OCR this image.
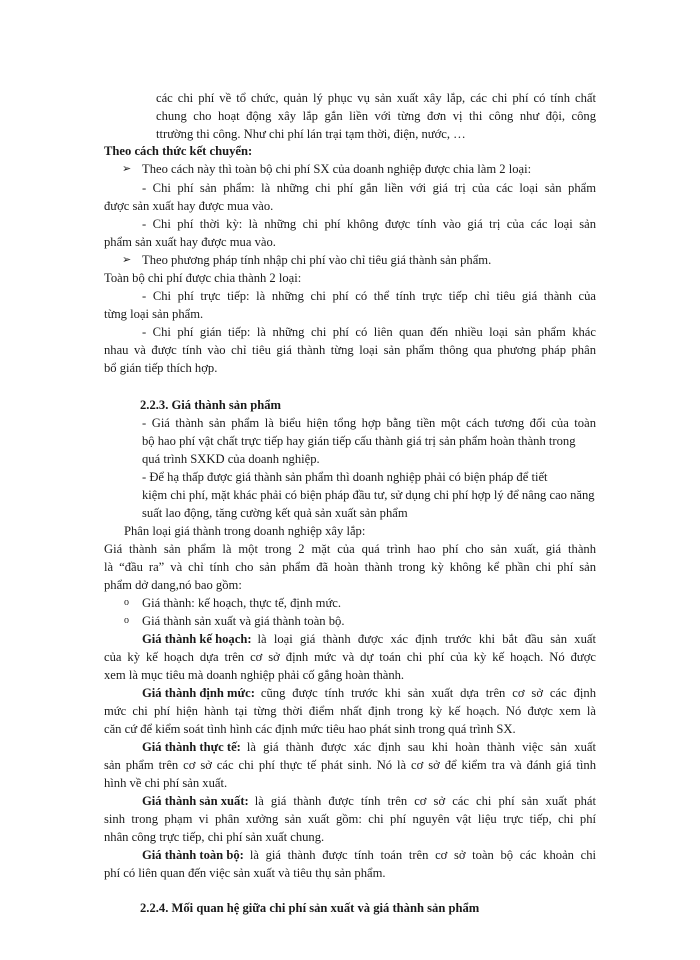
các chi phí về tổ chức, quản lý phục vụ sản xuất xây lắp, các chi phí có tính chất
chung cho hoạt động xây lắp gắn liền với từng đơn vị thi công như đội, công
ttrường thi công. Như chi phí lán trại tạm thời, điện, nước, …
Theo cách thức kết chuyển:
➢ Theo cách này thì toàn bộ chi phí SX của doanh nghiệp được chia làm 2 loại:
- Chi phí sản phẩm: là những chi phí gắn liền với giá trị của các loại sản phẩm
được sản xuất hay được mua vào.
- Chi phí thời kỳ: là những chi phí không được tính vào giá trị của các loại sản
phẩm sản xuất hay được mua vào.
➢ Theo phương pháp tính nhập chi phí vào chỉ tiêu giá thành sản phẩm.
Toàn bộ chi phí được chia thành 2 loại:
- Chi phí trực tiếp: là những chi phí có thể tính trực tiếp chỉ tiêu giá thành của
từng loại sản phẩm.
- Chi phí gián tiếp: là những chi phí có liên quan đến nhiều loại sản phẩm khác
nhau và được tính vào chỉ tiêu giá thành từng loại sản phẩm thông qua phương pháp phân
bổ gián tiếp thích hợp.
2.2.3. Giá thành sản phẩm
- Giá thành sản phẩm là biểu hiện tổng hợp bằng tiền một cách tương đối của toàn
bộ hao phí vật chất trực tiếp hay gián tiếp cấu thành giá trị sản phẩm hoàn thành trong
quá trình SXKD của doanh nghiệp.
- Để hạ thấp được giá thành sản phẩm thì doanh nghiệp phải có biện pháp để tiết
kiệm chi phí, mặt khác phải có biện pháp đầu tư, sử dụng chi phí hợp lý để nâng cao năng
suất lao động, tăng cường kết quả sản xuất sản phẩm
Phân loại giá thành trong doanh nghiệp xây lắp:
Giá thành sản phẩm là một trong 2 mặt của quá trình hao phí cho sản xuất, giá thành
là “đầu ra” và chỉ tính cho sản phẩm đã hoàn thành trong kỳ không kể phần chi phí sản
phẩm dở dang,nó bao gồm:
o Giá thành: kế hoạch, thực tế, định mức.
o Giá thành sản xuất và giá thành toàn bộ.
Giá thành kế hoạch: là loại giá thành được xác định trước khi bắt đầu sản xuất
của kỳ kế hoạch dựa trên cơ sở định mức và dự toán chi phí của kỳ kế hoạch. Nó được
xem là mục tiêu mà doanh nghiệp phải cố gắng hoàn thành.
Giá thành định mức: cũng được tính trước khi sản xuất dựa trên cơ sở các định
mức chi phí hiện hành tại từng thời điểm nhất định trong kỳ kế hoạch. Nó được xem là
căn cứ để kiểm soát tình hình các định mức tiêu hao phát sinh trong quá trình SX.
Giá thành thực tế: là giá thành được xác định sau khi hoàn thành việc sản xuất
sản phẩm trên cơ sở các chi phí thực tế phát sinh. Nó là cơ sở để kiểm tra và đánh giá tình
hình về chi phí sản xuất.
Giá thành sản xuất: là giá thành được tính trên cơ sở các chi phí sản xuất phát
sinh trong phạm vi phân xưởng sản xuất gồm: chi phí nguyên vật liệu trực tiếp, chi phí
nhân công trực tiếp, chi phí sản xuất chung.
Giá thành toàn bộ: là giá thành được tính toán trên cơ sở toàn bộ các khoản chi
phí có liên quan đến việc sản xuất và tiêu thụ sản phẩm.
2.2.4. Mối quan hệ giữa chi phí sản xuất và giá thành sản phẩm
